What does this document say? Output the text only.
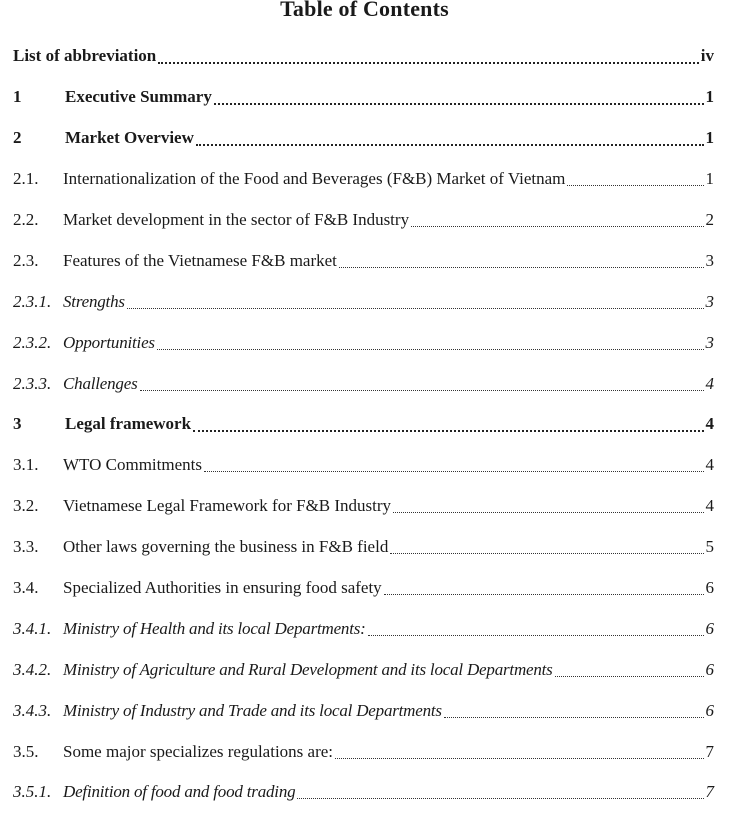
Table of Contents
List of abbreviation	iv
1	Executive Summary	1
2	Market Overview	1
2.1.	Internationalization of the Food and Beverages (F&B) Market of Vietnam	1
2.2.	Market development in the sector of F&B Industry	2
2.3.	Features of the Vietnamese F&B market	3
2.3.1. Strengths	3
2.3.2. Opportunities	3
2.3.3. Challenges	4
3	Legal framework	4
3.1.	WTO Commitments	4
3.2.	Vietnamese Legal Framework for F&B Industry	4
3.3.	Other laws governing the business in F&B field	5
3.4.	Specialized Authorities in ensuring food safety	6
3.4.1. Ministry of Health and its local Departments:	6
3.4.2. Ministry of Agriculture and Rural Development and its local Departments	6
3.4.3. Ministry of Industry and Trade and its local Departments	6
3.5.	Some major specializes regulations are:	7
3.5.1. Definition of food and food trading	7
